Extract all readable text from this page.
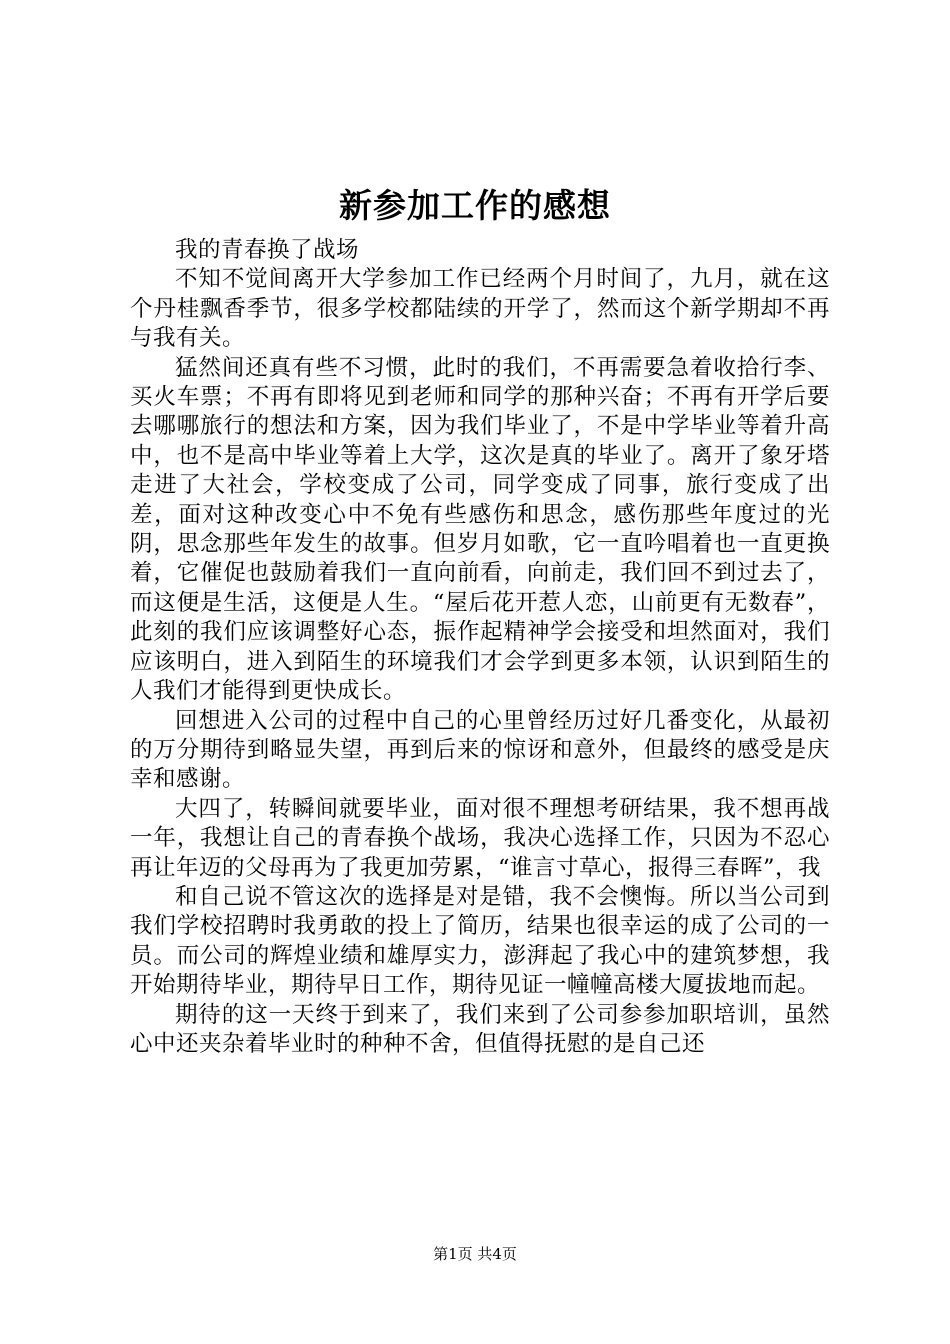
新参加工作的感想

我的青春换了战场

不知不觉间离开大学参加工作已经两个月时间了，九月，就在这个丹桂飘香季节，很多学校都陆续的开学了，然而这个新学期却不再与我有关。

猛然间还真有些不习惯，此时的我们，不再需要急着收拾行李、买火车票；不再有即将见到老师和同学的那种兴奋；不再有开学后要去哪哪旅行的想法和方案，因为我们毕业了，不是中学毕业等着升高中，也不是高中毕业等着上大学，这次是真的毕业了。离开了象牙塔走进了大社会，学校变成了公司，同学变成了同事，旅行变成了出差，面对这种改变心中不免有些感伤和思念，感伤那些年度过的光阴，思念那些年发生的故事。但岁月如歌，它一直吟唱着也一直更换着，它催促也鼓励着我们一直向前看，向前走，我们回不到过去了，而这便是生活，这便是人生。“屋后花开惹人恋，山前更有无数春”，此刻的我们应该调整好心态，振作起精神学会接受和坦然面对，我们应该明白，进入到陌生的环境我们才会学到更多本领，认识到陌生的人我们才能得到更快成长。

回想进入公司的过程中自己的心里曾经历过好几番变化，从最初的万分期待到略显失望，再到后来的惊讶和意外，但最终的感受是庆幸和感谢。

大四了，转瞬间就要毕业，面对很不理想考研结果，我不想再战一年，我想让自己的青春换个战场，我决心选择工作，只因为不忍心再让年迈的父母再为了我更加劳累，“谁言寸草心，报得三春晖”，我

和自己说不管这次的选择是对是错，我不会懊悔。所以当公司到我们学校招聘时我勇敢的投上了简历，结果也很幸运的成了公司的一员。而公司的辉煌业绩和雄厚实力，澎湃起了我心中的建筑梦想，我开始期待毕业，期待早日工作，期待见证一幢幢高楼大厦拔地而起。

期待的这一天终于到来了，我们来到了公司参参加职培训，虽然心中还夹杂着毕业时的种种不舍，但值得抚慰的是自己还

第1页 共4页
